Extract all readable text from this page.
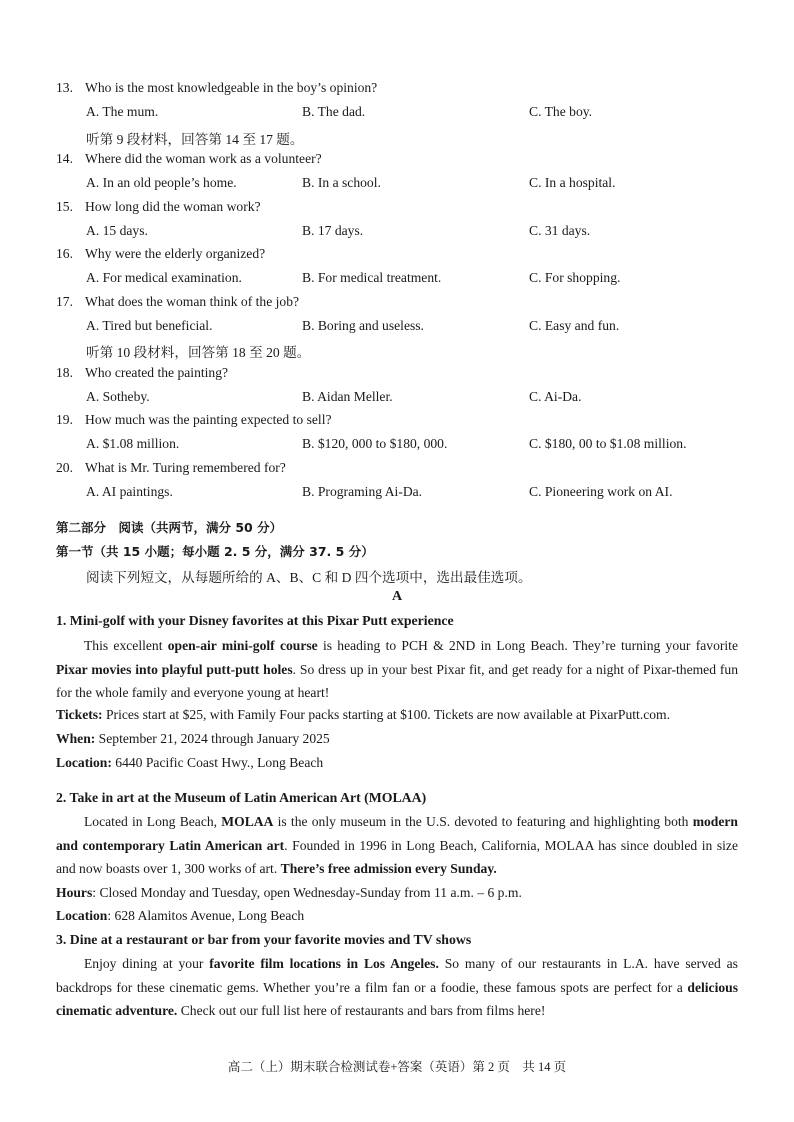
13. Who is the most knowledgeable in the boy’s opinion?
A. The mum.	B. The dad.	C. The boy.
听第 9 段材料，回答第 14 至 17 题。
14. Where did the woman work as a volunteer?
A. In an old people’s home.	B. In a school.	C. In a hospital.
15. How long did the woman work?
A. 15 days.	B. 17 days.	C. 31 days.
16. Why were the elderly organized?
A. For medical examination.	B. For medical treatment.	C. For shopping.
17. What does the woman think of the job?
A. Tired but beneficial.	B. Boring and useless.	C. Easy and fun.
听第 10 段材料，回答第 18 至 20 题。
18. Who created the painting?
A. Sotheby.	B. Aidan Meller.	C. Ai-Da.
19. How much was the painting expected to sell?
A. $1.08 million.	B. $120, 000 to $180, 000.	C. $180, 00 to $1.08 million.
20. What is Mr. Turing remembered for?
A. AI paintings.	B. Programing Ai-Da.	C. Pioneering work on AI.
第二部分　阅读（共两节，满分 50 分）
第一节（共 15 小题；每小题 2. 5 分，满分 37. 5 分）
阅读下列短文，从每题所给的 A、B、C 和 D 四个选项中，选出最佳选项。
A
1. Mini-golf with your Disney favorites at this Pixar Putt experience
This excellent open-air mini-golf course is heading to PCH & 2ND in Long Beach. They’re turning your favorite Pixar movies into playful putt-putt holes. So dress up in your best Pixar fit, and get ready for a night of Pixar-themed fun for the whole family and everyone young at heart!
Tickets: Prices start at $25, with Family Four packs starting at $100. Tickets are now available at PixarPutt.com.
When: September 21, 2024 through January 2025
Location: 6440 Pacific Coast Hwy., Long Beach
2. Take in art at the Museum of Latin American Art (MOLAA)
Located in Long Beach, MOLAA is the only museum in the U.S. devoted to featuring and highlighting both modern and contemporary Latin American art. Founded in 1996 in Long Beach, California, MOLAA has since doubled in size and now boasts over 1, 300 works of art. There’s free admission every Sunday.
Hours: Closed Monday and Tuesday, open Wednesday-Sunday from 11 a.m. – 6 p.m.
Location: 628 Alamitos Avenue, Long Beach
3. Dine at a restaurant or bar from your favorite movies and TV shows
Enjoy dining at your favorite film locations in Los Angeles. So many of our restaurants in L.A. have served as backdrops for these cinematic gems. Whether you’re a film fan or a foodie, these famous spots are perfect for a delicious cinematic adventure. Check out our full list here of restaurants and bars from films here!
高二（上）期末联合检测试卷+答案（英语）第 2 页　共 14 页
